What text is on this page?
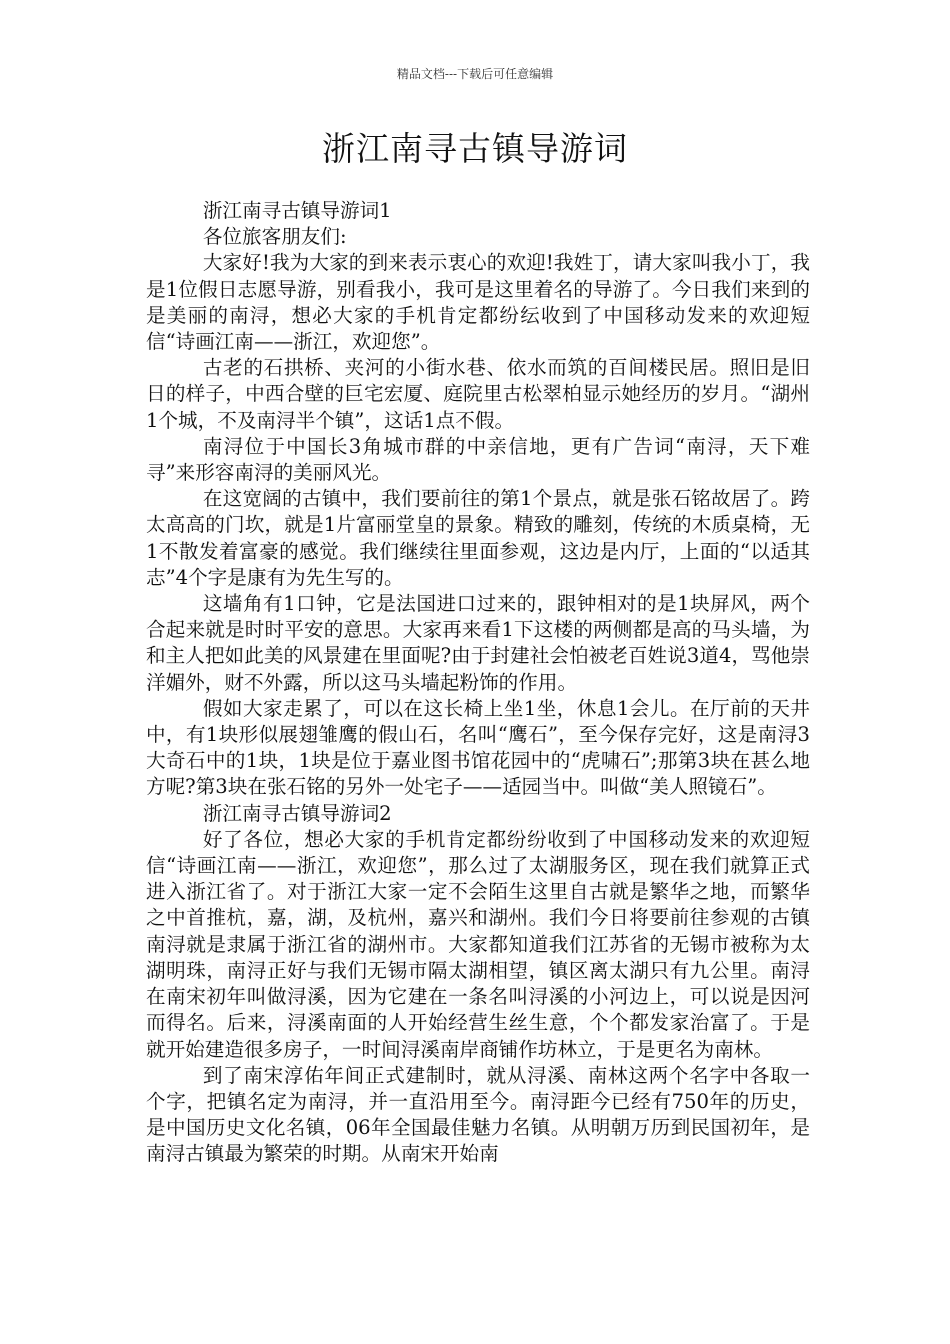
精品文档---下载后可任意编辑
浙江南寻古镇导游词

浙江南寻古镇导游词1

各位旅客朋友们:

大家好!我为大家的到来表示衷心的欢迎!我姓丁，请大家叫我小丁，我是1位假日志愿导游，别看我小，我可是这里着名的导游了。今日我们来到的是美丽的南浔，想必大家的手机肯定都纷纭收到了中国移动发来的欢迎短信“诗画江南——浙江，欢迎您”。

古老的石拱桥、夹河的小街水巷、依水而筑的百间楼民居。照旧是旧日的样子，中西合壁的巨宅宏厦、庭院里古松翠柏显示她经历的岁月。“湖州1个城，不及南浔半个镇”，这话1点不假。

南浔位于中国长3角城市群的中亲信地，更有广告词“南浔，天下难寻”来形容南浔的美丽风光。

在这宽阔的古镇中，我们要前往的第1个景点，就是张石铭故居了。跨太高高的门坎，就是1片富丽堂皇的景象。精致的雕刻，传统的木质桌椅，无1不散发着富豪的感觉。我们继续往里面参观，这边是内厅，上面的“以适其志”4个字是康有为先生写的。

这墙角有1口钟，它是法国进口过来的，跟钟相对的是1块屏风，两个合起来就是时时平安的意思。大家再来看1下这楼的两侧都是高的马头墙，为和主人把如此美的风景建在里面呢?由于封建社会怕被老百姓说3道4，骂他崇洋媚外，财不外露，所以这马头墙起粉饰的作用。

假如大家走累了，可以在这长椅上坐1坐，休息1会儿。在厅前的天井中，有1块形似展翅雏鹰的假山石，名叫“鹰石”，至今保存完好，这是南浔3大奇石中的1块，1块是位于嘉业图书馆花园中的“虎啸石”;那第3块在甚么地方呢?第3块在张石铭的另外一处宅子——适园当中。叫做“美人照镜石”。

浙江南寻古镇导游词2

好了各位，想必大家的手机肯定都纷纷收到了中国移动发来的欢迎短信“诗画江南——浙江，欢迎您”，那么过了太湖服务区，现在我们就算正式进入浙江省了。对于浙江大家一定不会陌生这里自古就是繁华之地，而繁华之中首推杭，嘉，湖，及杭州，嘉兴和湖州。我们今日将要前往参观的古镇南浔就是隶属于浙江省的湖州市。大家都知道我们江苏省的无锡市被称为太湖明珠，南浔正好与我们无锡市隔太湖相望，镇区离太湖只有九公里。南浔在南宋初年叫做浔溪，因为它建在一条名叫浔溪的小河边上，可以说是因河而得名。后来，浔溪南面的人开始经营生丝生意，个个都发家治富了。于是就开始建造很多房子，一时间浔溪南岸商铺作坊林立，于是更名为南林。

到了南宋淳佑年间正式建制时，就从浔溪、南林这两个名字中各取一个字，把镇名定为南浔，并一直沿用至今。南浔距今已经有750年的历史，是中国历史文化名镇，06年全国最佳魅力名镇。从明朝万历到民国初年，是南浔古镇最为繁荣的时期。从南宋开始南
